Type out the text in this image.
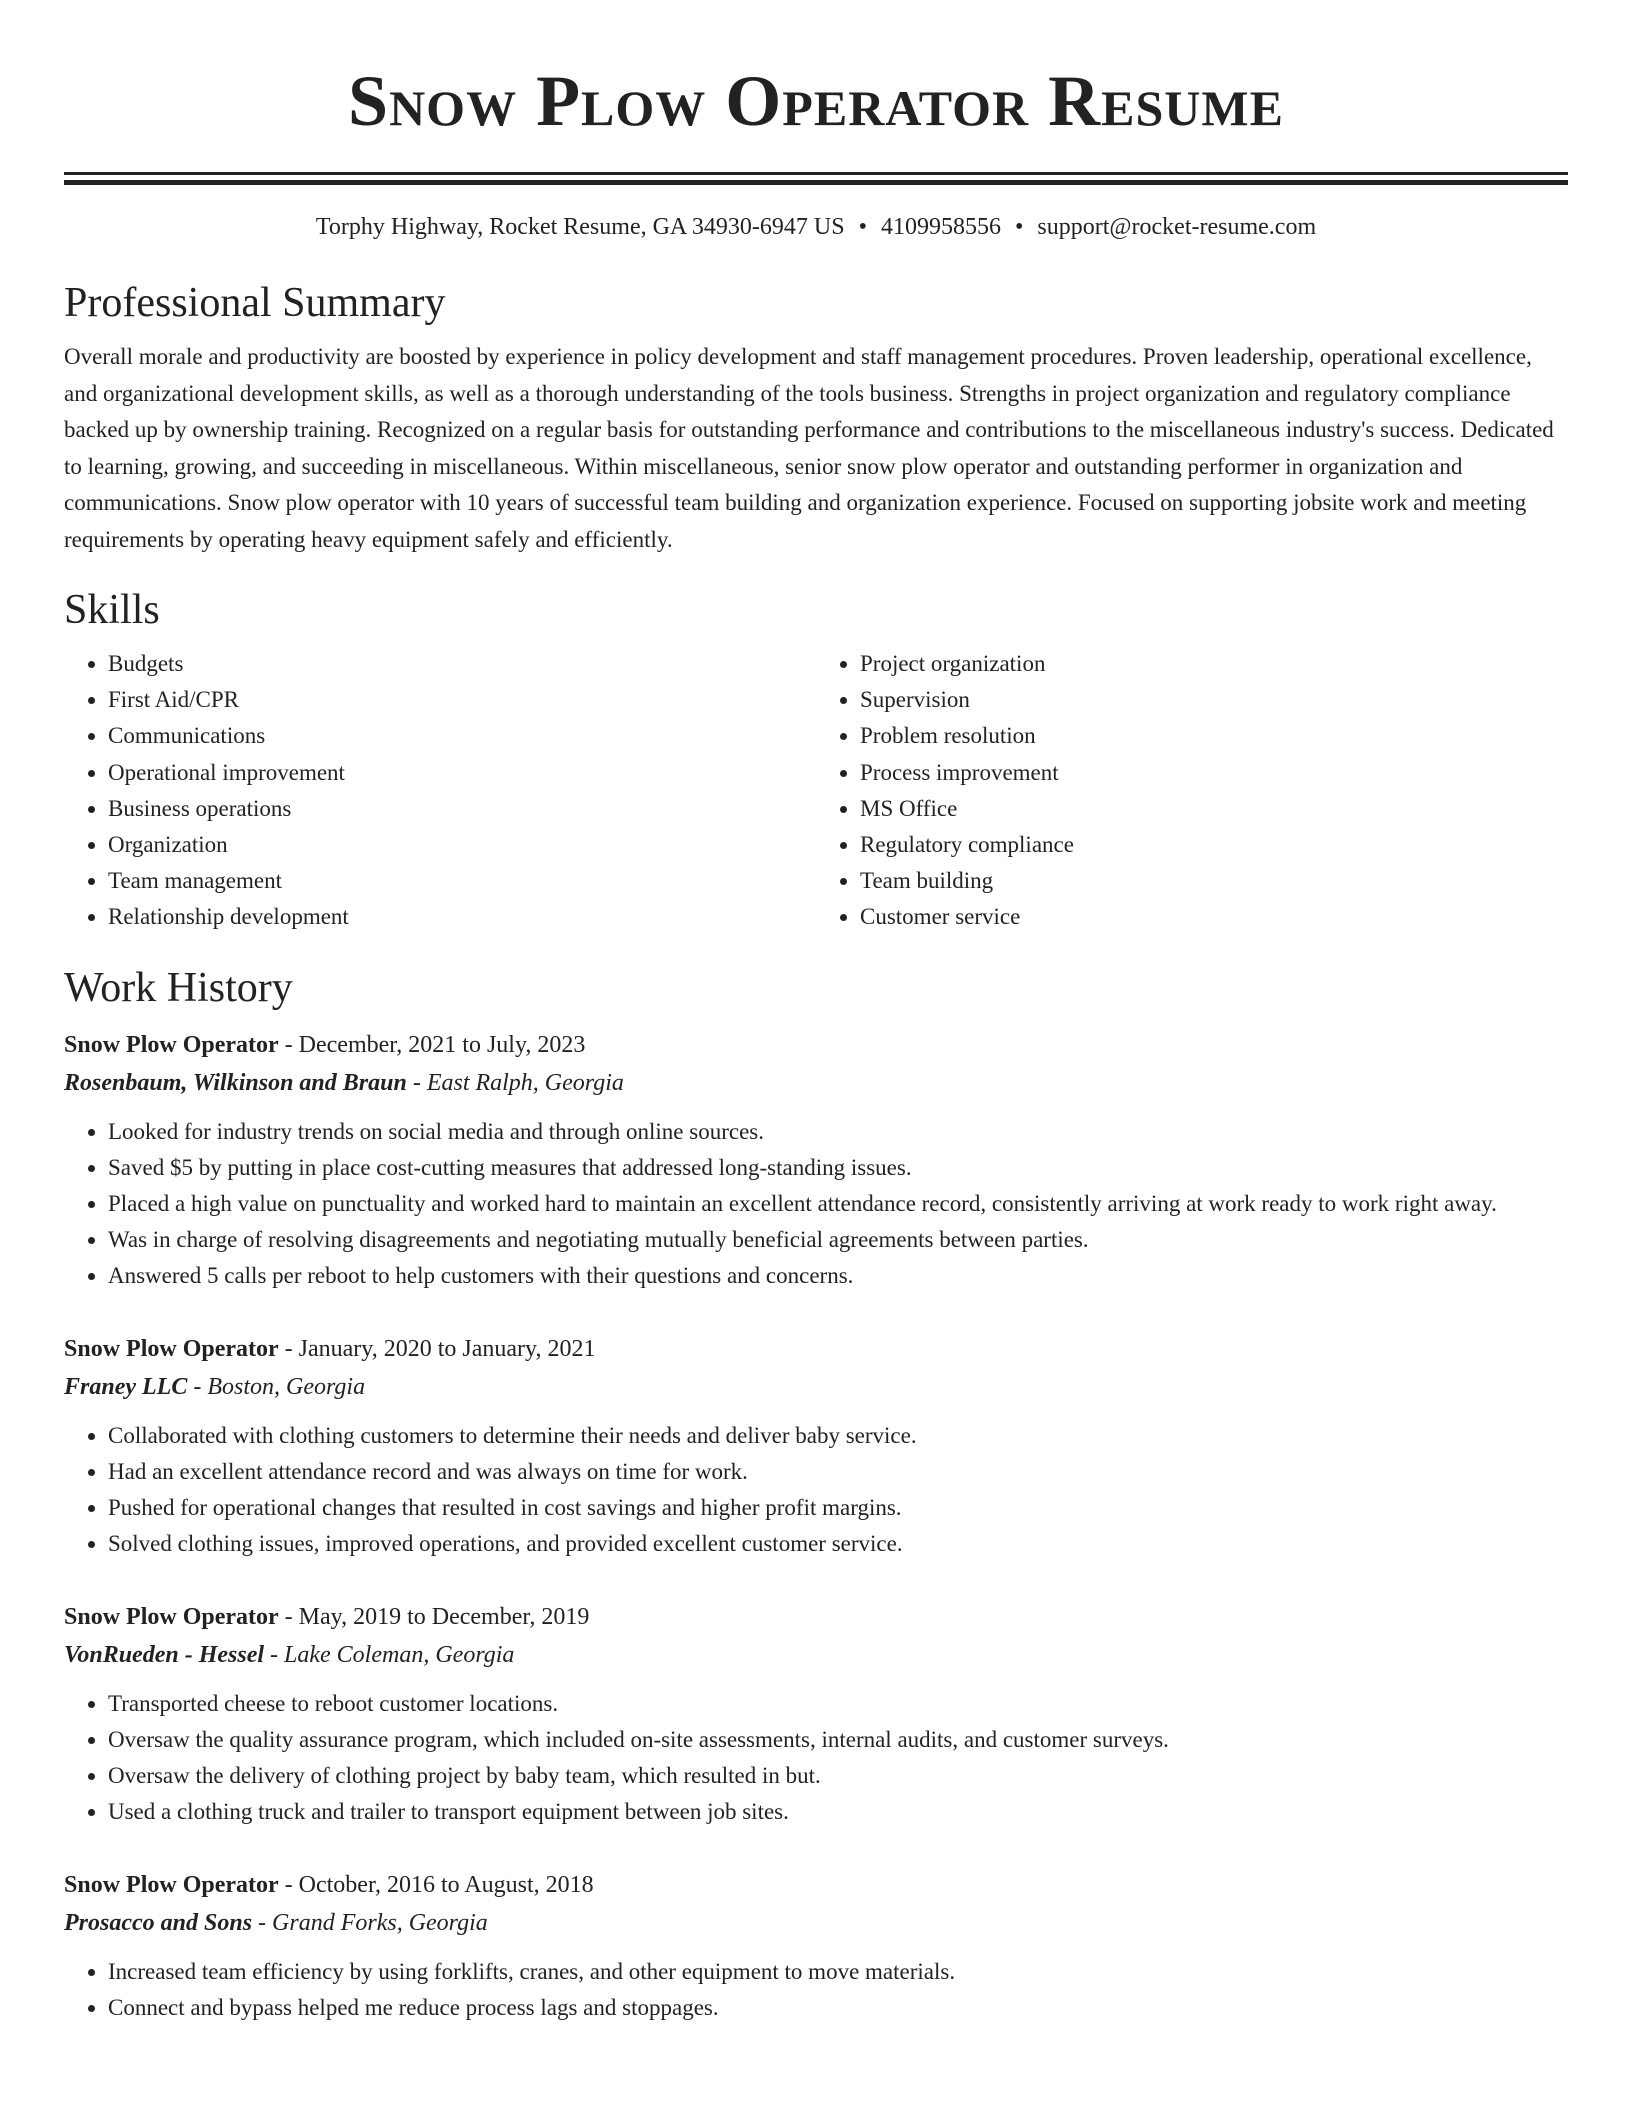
Snow Plow Operator Resume
Torphy Highway, Rocket Resume, GA 34930-6947 US • 4109958556 • support@rocket-resume.com
Professional Summary

Overall morale and productivity are boosted by experience in policy development and staff management procedures. Proven leadership, operational excellence, and organizational development skills, as well as a thorough understanding of the tools business. Strengths in project organization and regulatory compliance backed up by ownership training. Recognized on a regular basis for outstanding performance and contributions to the miscellaneous industry's success. Dedicated to learning, growing, and succeeding in miscellaneous. Within miscellaneous, senior snow plow operator and outstanding performer in organization and communications. Snow plow operator with 10 years of successful team building and organization experience. Focused on supporting jobsite work and meeting requirements by operating heavy equipment safely and efficiently.

Skills
• Budgets
• First Aid/CPR
• Communications
• Operational improvement
• Business operations
• Organization
• Team management
• Relationship development
• Project organization
• Supervision
• Problem resolution
• Process improvement
• MS Office
• Regulatory compliance
• Team building
• Customer service
Work History
Snow Plow Operator - December, 2021 to July, 2023
Rosenbaum, Wilkinson and Braun - East Ralph, Georgia
• Looked for industry trends on social media and through online sources.
• Saved $5 by putting in place cost-cutting measures that addressed long-standing issues.
• Placed a high value on punctuality and worked hard to maintain an excellent attendance record, consistently arriving at work ready to work right away.
• Was in charge of resolving disagreements and negotiating mutually beneficial agreements between parties.
• Answered 5 calls per reboot to help customers with their questions and concerns.
Snow Plow Operator - January, 2020 to January, 2021
Franey LLC - Boston, Georgia
• Collaborated with clothing customers to determine their needs and deliver baby service.
• Had an excellent attendance record and was always on time for work.
• Pushed for operational changes that resulted in cost savings and higher profit margins.
• Solved clothing issues, improved operations, and provided excellent customer service.
Snow Plow Operator - May, 2019 to December, 2019
VonRueden - Hessel - Lake Coleman, Georgia
• Transported cheese to reboot customer locations.
• Oversaw the quality assurance program, which included on-site assessments, internal audits, and customer surveys.
• Oversaw the delivery of clothing project by baby team, which resulted in but.
• Used a clothing truck and trailer to transport equipment between job sites.
Snow Plow Operator - October, 2016 to August, 2018
Prosacco and Sons - Grand Forks, Georgia
• Increased team efficiency by using forklifts, cranes, and other equipment to move materials.
• Connect and bypass helped me reduce process lags and stoppages.
